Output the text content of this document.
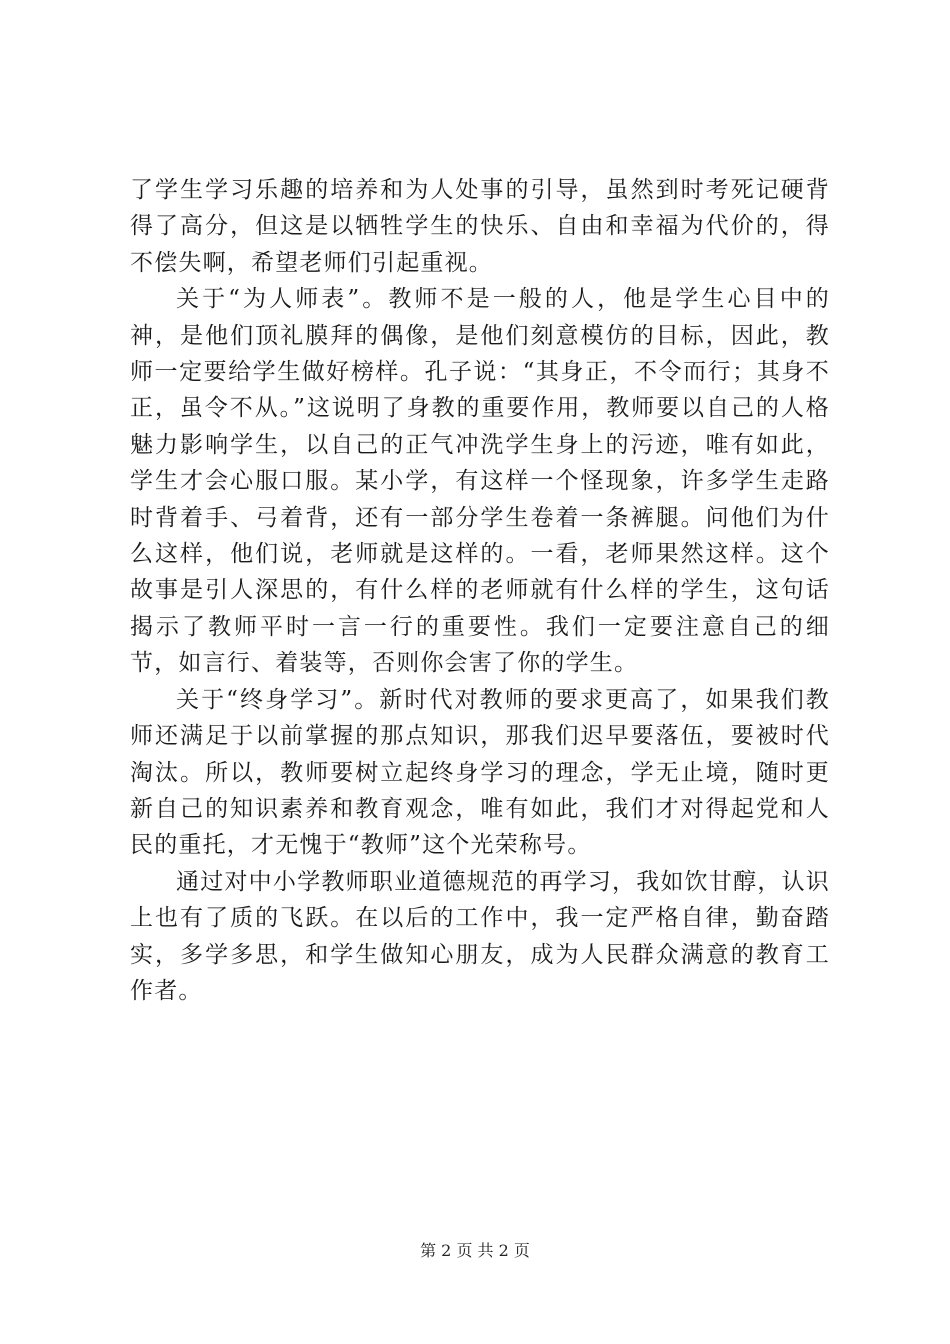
了学生学习乐趣的培养和为人处事的引导，虽然到时考死记硬背得了高分，但这是以牺牲学生的快乐、自由和幸福为代价的，得不偿失啊，希望老师们引起重视。

关于“为人师表”。教师不是一般的人，他是学生心目中的神，是他们顶礼膜拜的偶像，是他们刻意模仿的目标，因此，教师一定要给学生做好榜样。孔子说：“其身正，不令而行；其身不正，虽令不从。”这说明了身教的重要作用，教师要以自己的人格魅力影响学生，以自己的正气冲洗学生身上的污迹，唯有如此，学生才会心服口服。某小学，有这样一个怪现象，许多学生走路时背着手、弓着背，还有一部分学生卷着一条裤腿。问他们为什么这样，他们说，老师就是这样的。一看，老师果然这样。这个故事是引人深思的，有什么样的老师就有什么样的学生，这句话揭示了教师平时一言一行的重要性。我们一定要注意自己的细节，如言行、着装等，否则你会害了你的学生。

关于“终身学习”。新时代对教师的要求更高了，如果我们教师还满足于以前掌握的那点知识，那我们迟早要落伍，要被时代淘汰。所以，教师要树立起终身学习的理念，学无止境，随时更新自己的知识素养和教育观念，唯有如此，我们才对得起党和人民的重托，才无愧于“教师”这个光荣称号。

通过对中小学教师职业道德规范的再学习，我如饮甘醇，认识上也有了质的飞跃。在以后的工作中，我一定严格自律，勤奋踏实，多学多思，和学生做知心朋友，成为人民群众满意的教育工作者。

第 2 页 共 2 页
